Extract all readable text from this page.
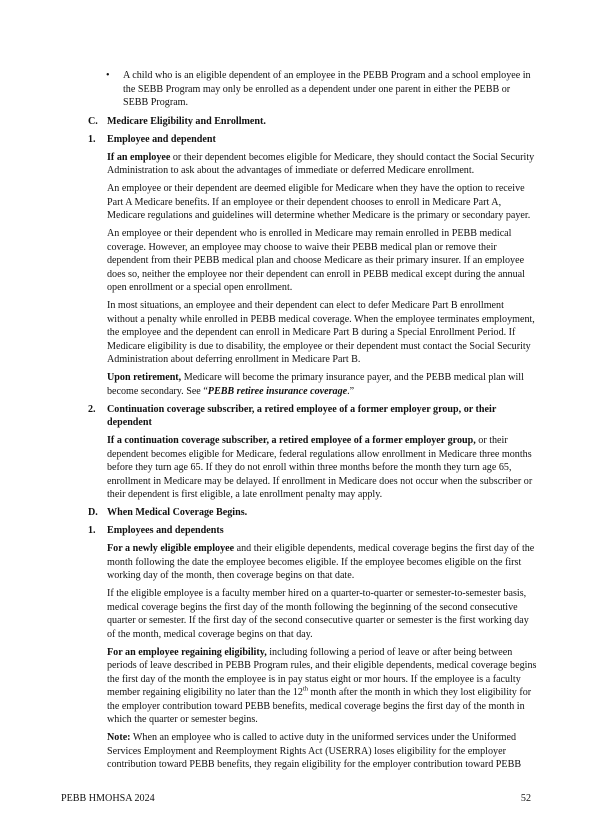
• A child who is an eligible dependent of an employee in the PEBB Program and a school employee in the SEBB Program may only be enrolled as a dependent under one parent in either the PEBB or SEBB Program.

C. Medicare Eligibility and Enrollment.

1. Employee and dependent

If an employee or their dependent becomes eligible for Medicare, they should contact the Social Security Administration to ask about the advantages of immediate or deferred Medicare enrollment.

An employee or their dependent are deemed eligible for Medicare when they have the option to receive Part A Medicare benefits. If an employee or their dependent chooses to enroll in Medicare Part A, Medicare regulations and guidelines will determine whether Medicare is the primary or secondary payer.

An employee or their dependent who is enrolled in Medicare may remain enrolled in PEBB medical coverage. However, an employee may choose to waive their PEBB medical plan or remove their dependent from their PEBB medical plan and choose Medicare as their primary insurer. If an employee does so, neither the employee nor their dependent can enroll in PEBB medical except during the annual open enrollment or a special open enrollment.

In most situations, an employee and their dependent can elect to defer Medicare Part B enrollment without a penalty while enrolled in PEBB medical coverage. When the employee terminates employment, the employee and the dependent can enroll in Medicare Part B during a Special Enrollment Period. If Medicare eligibility is due to disability, the employee or their dependent must contact the Social Security Administration about deferring enrollment in Medicare Part B.

Upon retirement, Medicare will become the primary insurance payer, and the PEBB medical plan will become secondary. See “PEBB retiree insurance coverage.”

2. Continuation coverage subscriber, a retired employee of a former employer group, or their dependent

If a continuation coverage subscriber, a retired employee of a former employer group, or their dependent becomes eligible for Medicare, federal regulations allow enrollment in Medicare three months before they turn age 65. If they do not enroll within three months before the month they turn age 65, enrollment in Medicare may be delayed. If enrollment in Medicare does not occur when the subscriber or their dependent is first eligible, a late enrollment penalty may apply.

D. When Medical Coverage Begins.

1. Employees and dependents

For a newly eligible employee and their eligible dependents, medical coverage begins the first day of the month following the date the employee becomes eligible. If the employee becomes eligible on the first working day of the month, then coverage begins on that date.

If the eligible employee is a faculty member hired on a quarter-to-quarter or semester-to-semester basis, medical coverage begins the first day of the month following the beginning of the second consecutive quarter or semester. If the first day of the second consecutive quarter or semester is the first working day of the month, medical coverage begins on that day.

For an employee regaining eligibility, including following a period of leave or after being between periods of leave described in PEBB Program rules, and their eligible dependents, medical coverage begins the first day of the month the employee is in pay status eight or mor hours. If the employee is a faculty member regaining eligibility no later than the 12th month after the month in which they lost eligibility for the employer contribution toward PEBB benefits, medical coverage begins the first day of the month in which the quarter or semester begins.

Note: When an employee who is called to active duty in the uniformed services under the Uniformed Services Employment and Reemployment Rights Act (USERRA) loses eligibility for the employer contribution toward PEBB benefits, they regain eligibility for the employer contribution toward PEBB

PEBB HMOHSA 2024	52
